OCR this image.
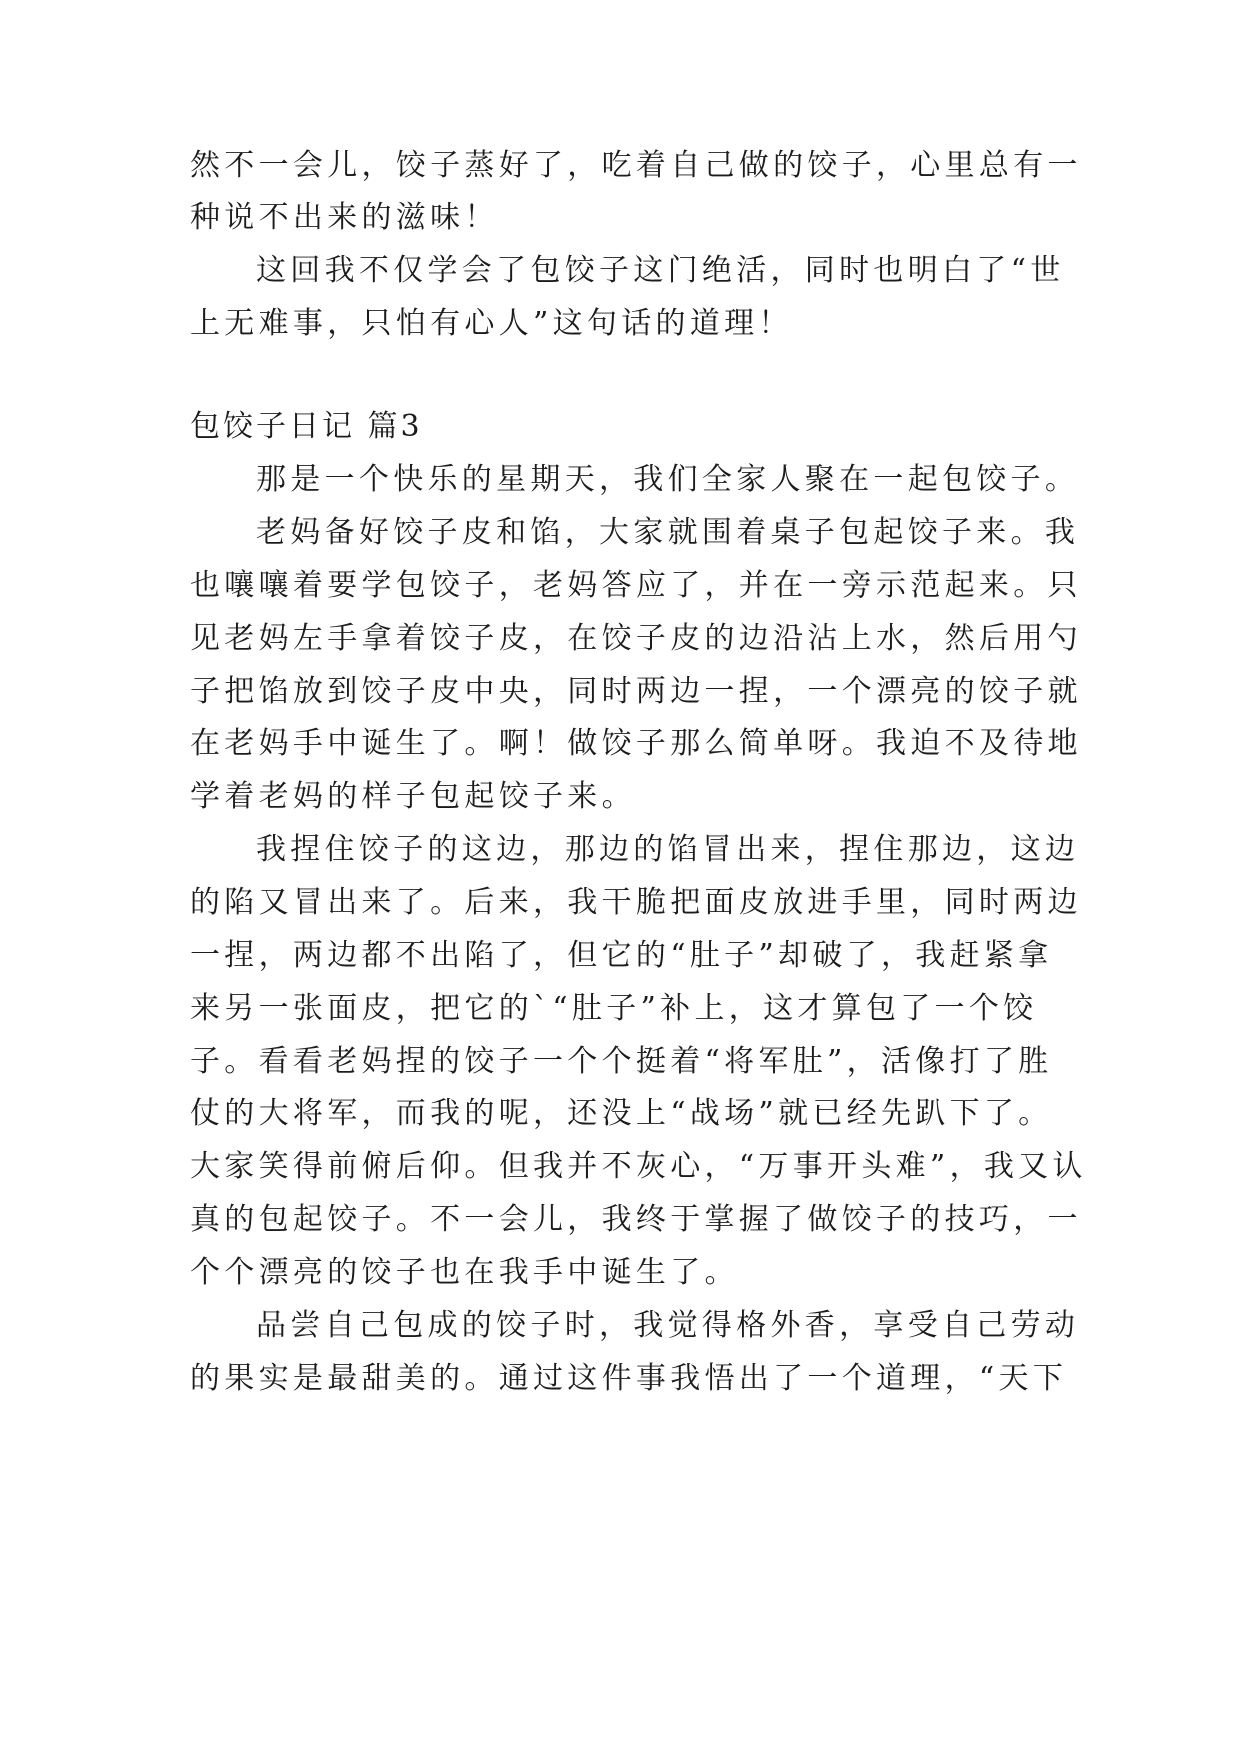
然不一会儿，饺子蒸好了，吃着自己做的饺子，心里总有一
种说不出来的滋味！
这回我不仅学会了包饺子这门绝活，同时也明白了“世
上无难事，只怕有心人”这句话的道理！
包饺子日记 篇3
那是一个快乐的星期天，我们全家人聚在一起包饺子。
老妈备好饺子皮和馅，大家就围着桌子包起饺子来。我
也嚷嚷着要学包饺子，老妈答应了，并在一旁示范起来。只
见老妈左手拿着饺子皮，在饺子皮的边沿沾上水，然后用勺
子把馅放到饺子皮中央，同时两边一捏，一个漂亮的饺子就
在老妈手中诞生了。啊！做饺子那么简单呀。我迫不及待地
学着老妈的样子包起饺子来。
我捏住饺子的这边，那边的馅冒出来，捏住那边，这边
的陷又冒出来了。后来，我干脆把面皮放进手里，同时两边
一捏，两边都不出陷了，但它的“肚子”却破了，我赶紧拿
来另一张面皮，把它的`“肚子”补上，这才算包了一个饺
子。看看老妈捏的饺子一个个挺着“将军肚”，活像打了胜
仗的大将军，而我的呢，还没上“战场”就已经先趴下了。
大家笑得前俯后仰。但我并不灰心，“万事开头难”，我又认
真的包起饺子。不一会儿，我终于掌握了做饺子的技巧，一
个个漂亮的饺子也在我手中诞生了。
品尝自己包成的饺子时，我觉得格外香，享受自己劳动
的果实是最甜美的。通过这件事我悟出了一个道理，“天下
